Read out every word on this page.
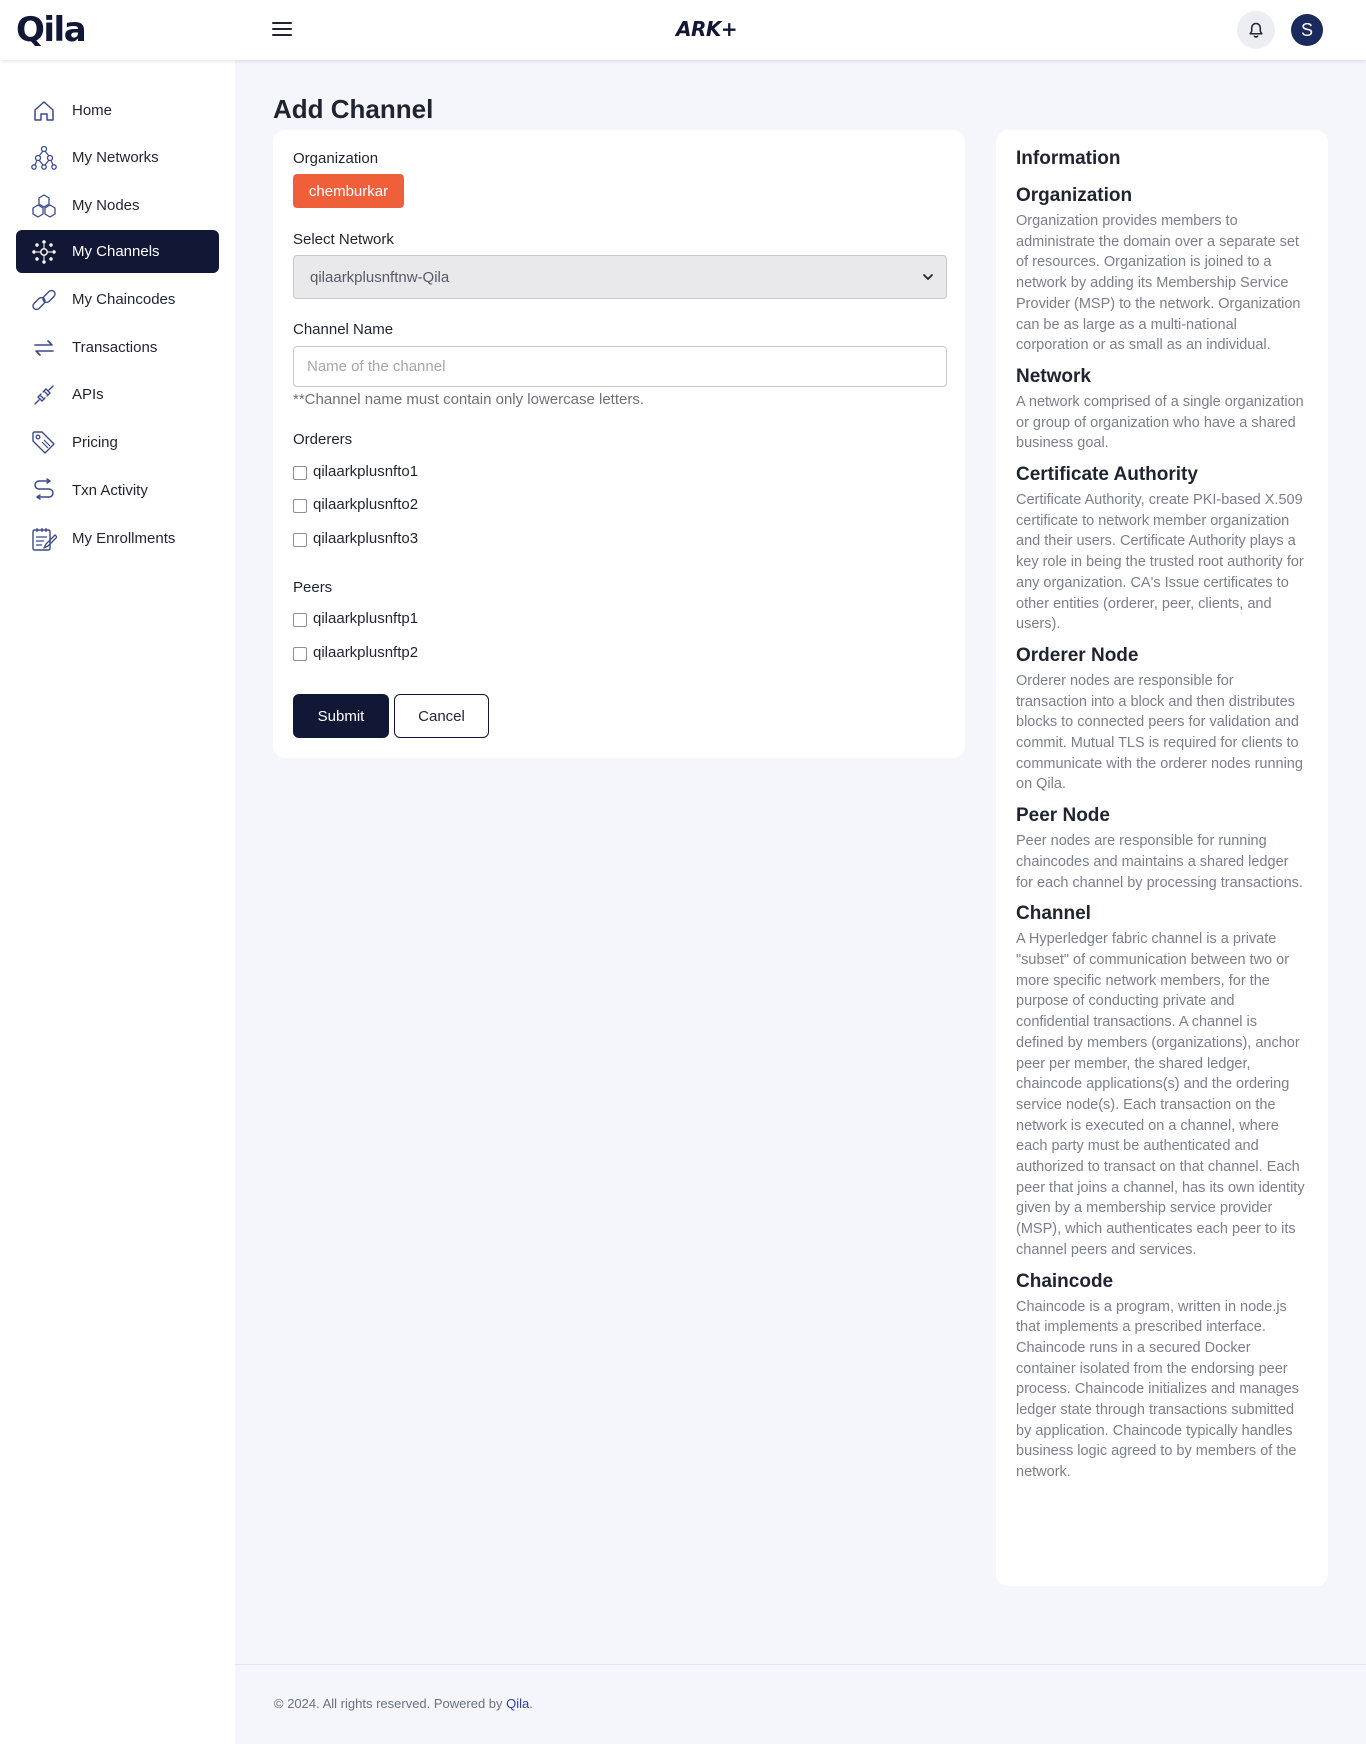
Qila	ARK+	S
Home
My Networks
My Nodes
My Channels
My Chaincodes
Transactions
APIs
Pricing
Txn Activity
My Enrollments
Add Channel
Organization
chemburkar
Select Network
qilaarkplusnftnw-Qila
Channel Name
Name of the channel
**Channel name must contain only lowercase letters.
Orderers
qilaarkplusnfto1
qilaarkplusnfto2
qilaarkplusnfto3
Peers
qilaarkplusnftp1
qilaarkplusnftp2
Submit	Cancel
Information
Organization

Organization provides members to administrate the domain over a separate set of resources. Organization is joined to a network by adding its Membership Service Provider (MSP) to the network. Organization can be as large as a multi-national corporation or as small as an individual.

Network

A network comprised of a single organization or group of organization who have a shared business goal.

Certificate Authority

Certificate Authority, create PKI-based X.509 certificate to network member organization and their users. Certificate Authority plays a key role in being the trusted root authority for any organization. CA's Issue certificates to other entities (orderer, peer, clients, and users).

Orderer Node

Orderer nodes are responsible for transaction into a block and then distributes blocks to connected peers for validation and commit. Mutual TLS is required for clients to communicate with the orderer nodes running on Qila.

Peer Node

Peer nodes are responsible for running chaincodes and maintains a shared ledger for each channel by processing transactions.

Channel

A Hyperledger fabric channel is a private "subset" of communication between two or more specific network members, for the purpose of conducting private and confidential transactions. A channel is defined by members (organizations), anchor peer per member, the shared ledger, chaincode applications(s) and the ordering service node(s). Each transaction on the network is executed on a channel, where each party must be authenticated and authorized to transact on that channel. Each peer that joins a channel, has its own identity given by a membership service provider (MSP), which authenticates each peer to its channel peers and services.

Chaincode

Chaincode is a program, written in node.js that implements a prescribed interface. Chaincode runs in a secured Docker container isolated from the endorsing peer process. Chaincode initializes and manages ledger state through transactions submitted by application. Chaincode typically handles business logic agreed to by members of the network.

© 2024. All rights reserved. Powered by Qila.
